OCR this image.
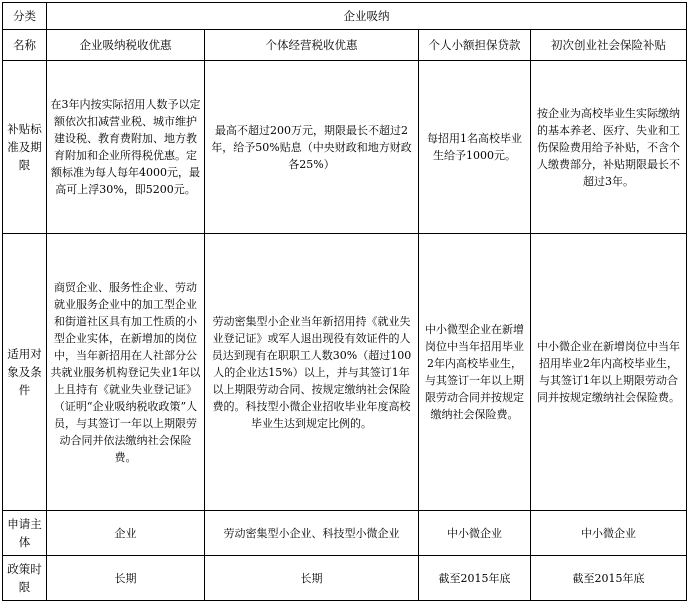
分类	企业吸纳			
名称	企业吸纳税收优惠	个体经营税收优惠	个人小额担保贷款	初次创业社会保险补贴
补贴标准及期限	在3年内按实际招用人数予以定额依次扣减营业税、城市维护建设税、教育费附加、地方教育附加和企业所得税优惠。定额标准为每人每年4000元，最高可上浮30%，即5200元。	最高不超过200万元，期限最长不超过2年，给予50%贴息（中央财政和地方财政各25%）	每招用1名高校毕业生给予1000元。	按企业为高校毕业生实际缴纳的基本养老、医疗、失业和工伤保险费用给予补贴，不含个人缴费部分，补贴期限最长不超过3年。
适用对象及条件	商贸企业、服务性企业、劳动就业服务企业中的加工型企业和街道社区具有加工性质的小型企业实体，在新增加的岗位中，当年新招用在人社部分公共就业服务机构登记失业1年以上且持有《就业失业登记证》（证明“企业吸纳税收政策”人员，与其签订一年以上期限劳动合同并依法缴纳社会保险费。	劳动密集型小企业当年新招用持《就业失业登记证》或军人退出现役有效证件的人员达到现有在职职工人数30%（超过100人的企业达15%）以上，并与其签订1年以上期限劳动合同、按规定缴纳社会保险费的。科技型小微企业招收毕业年度高校毕业生达到规定比例的。	中小微型企业在新增岗位中当年招用毕业2年内高校毕业生，与其签订一年以上期限劳动合同并按规定缴纳社会保险费。	中小微企业在新增岗位中当年招用毕业2年内高校毕业生，与其签订1年以上期限劳动合同并按规定缴纳社会保险费。
申请主体	企业	劳动密集型小企业、科技型小微企业	中小微企业	中小微企业
政策时限	长期	长期	截至2015年底	截至2015年底
